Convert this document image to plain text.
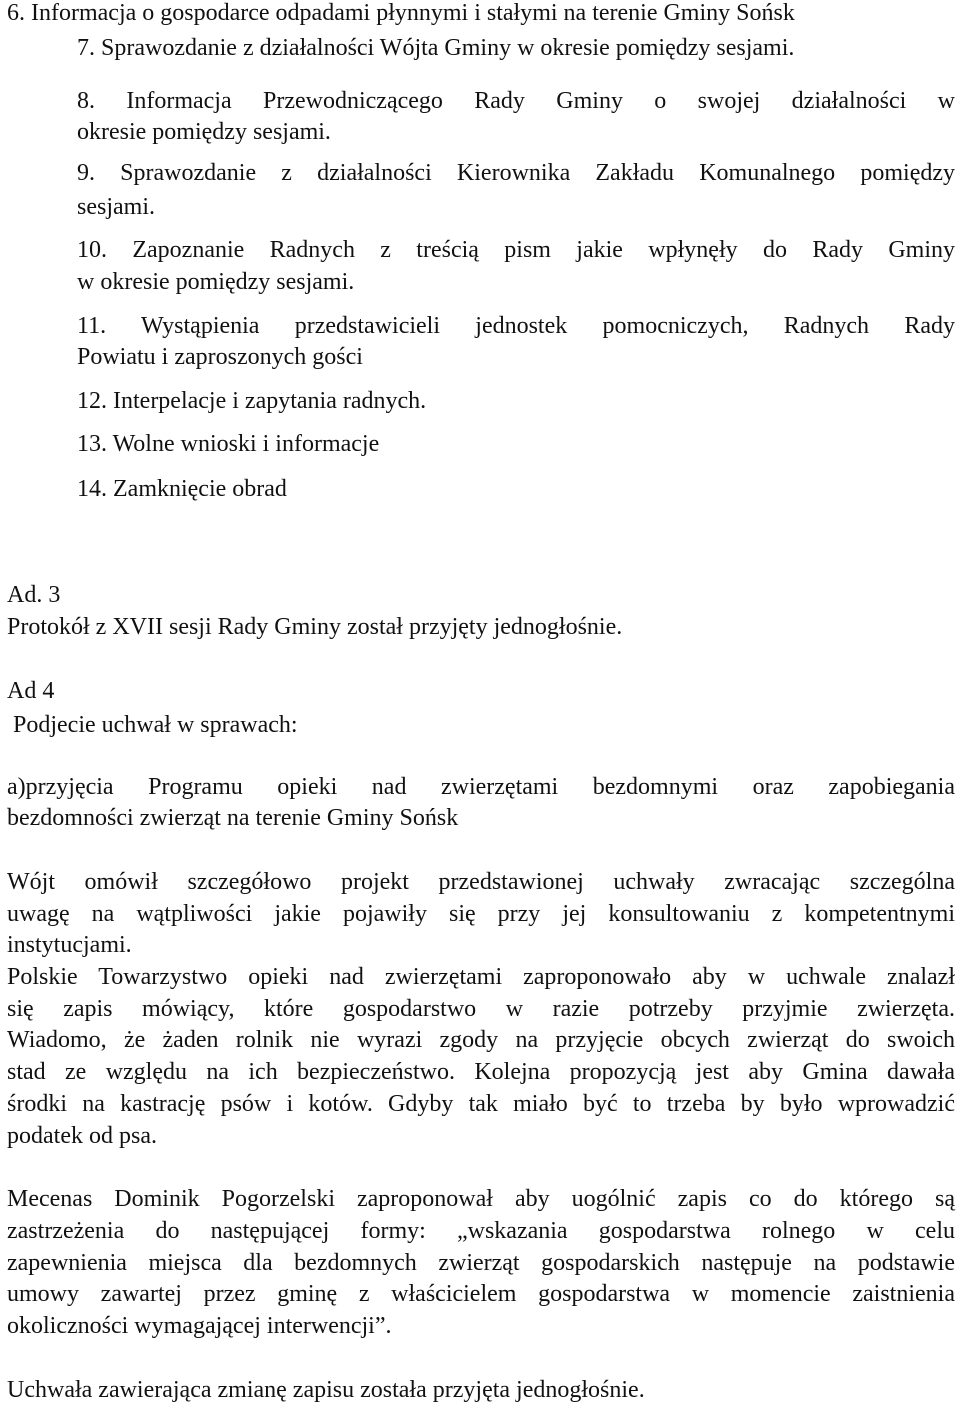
6. Informacja o gospodarce odpadami płynnymi i stałymi na terenie Gminy Sońsk
7. Sprawozdanie z działalności Wójta Gminy w okresie pomiędzy sesjami.
8. Informacja Przewodniczącego Rady Gminy o swojej działalności w
okresie pomiędzy sesjami.
9. Sprawozdanie z działalności Kierownika Zakładu Komunalnego pomiędzy
sesjami.
10. Zapoznanie Radnych z treścią pism jakie wpłynęły do Rady Gminy
w okresie pomiędzy sesjami.
11. Wystąpienia przedstawicieli jednostek pomocniczych, Radnych Rady
Powiatu i zaproszonych gości
12. Interpelacje i zapytania radnych.
13. Wolne wnioski i informacje
14. Zamknięcie obrad
Ad. 3
Protokół z XVII sesji Rady Gminy został przyjęty jednogłośnie.
Ad 4
Podjecie uchwał w sprawach:
a)przyjęcia Programu opieki nad zwierzętami bezdomnymi oraz zapobiegania
bezdomności zwierząt na terenie Gminy Sońsk
Wójt omówił szczegółowo projekt przedstawionej uchwały zwracając szczególna
uwagę na wątpliwości jakie pojawiły się przy jej konsultowaniu z kompetentnymi
instytucjami.
Polskie Towarzystwo opieki nad zwierzętami zaproponowało aby w uchwale znalazł
się zapis mówiący, które gospodarstwo w razie potrzeby przyjmie zwierzęta.
Wiadomo, że żaden rolnik nie wyrazi zgody na przyjęcie obcych zwierząt do swoich
stad ze względu na ich bezpieczeństwo. Kolejna propozycją jest aby Gmina dawała
środki na kastrację psów i kotów. Gdyby tak miało być to trzeba by było wprowadzić
podatek od psa.
Mecenas Dominik Pogorzelski zaproponował aby uogólnić zapis co do którego są
zastrzeżenia do następującej formy: „wskazania gospodarstwa rolnego w celu
zapewnienia miejsca dla bezdomnych zwierząt gospodarskich następuje na podstawie
umowy zawartej przez gminę z właścicielem gospodarstwa w momencie zaistnienia
okoliczności wymagającej interwencji”.
Uchwała zawierająca zmianę zapisu została przyjęta jednogłośnie.
